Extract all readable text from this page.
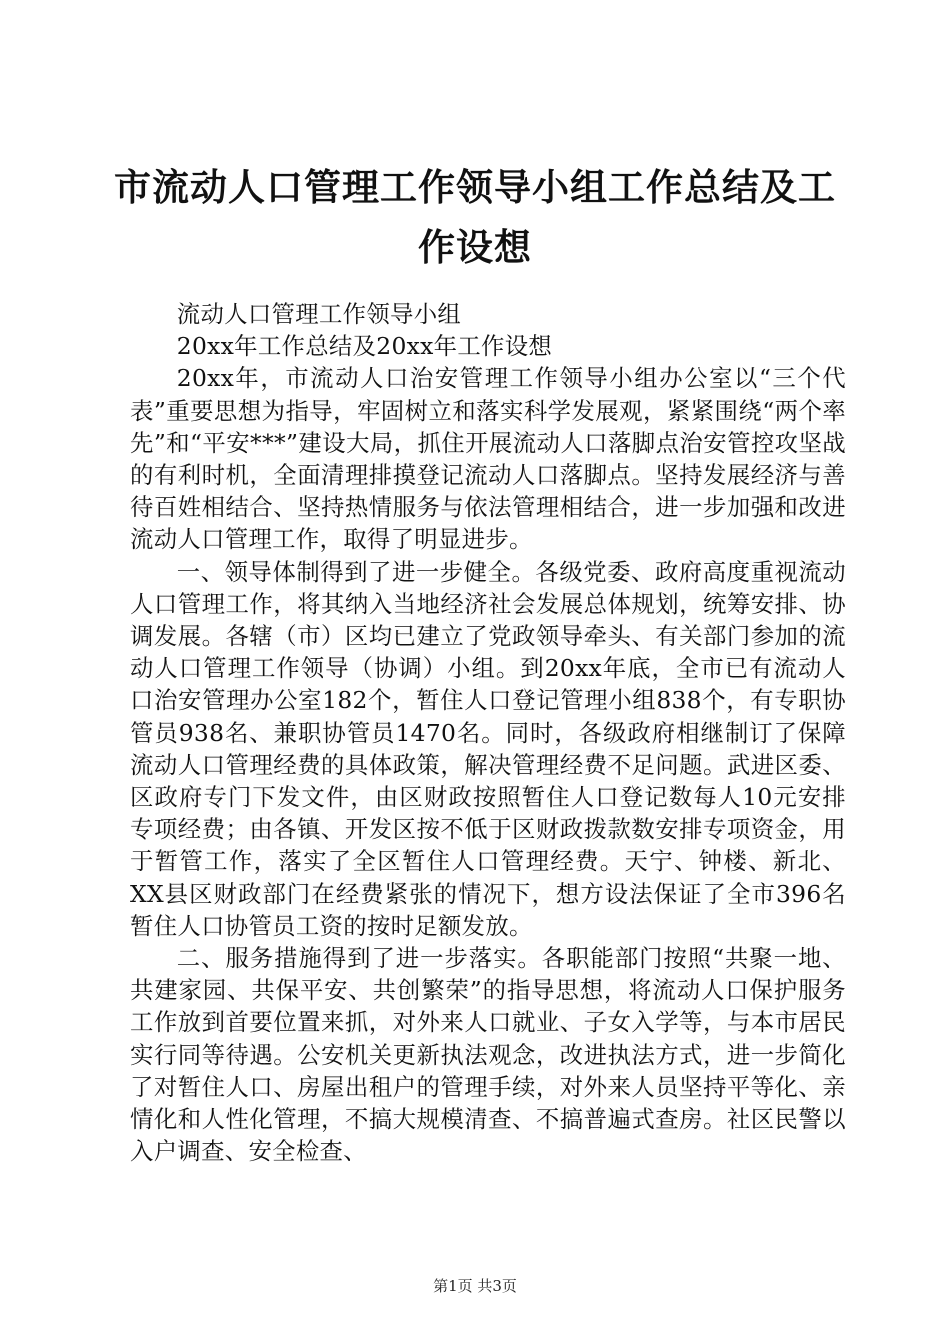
市流动人口管理工作领导小组工作总结及工作设想

流动人口管理工作领导小组

20xx年工作总结及20xx年工作设想

20xx年，市流动人口治安管理工作领导小组办公室以“三个代表”重要思想为指导，牢固树立和落实科学发展观，紧紧围绕“两个率先”和“平安***”建设大局，抓住开展流动人口落脚点治安管控攻坚战的有利时机，全面清理排摸登记流动人口落脚点。坚持发展经济与善待百姓相结合、坚持热情服务与依法管理相结合，进一步加强和改进流动人口管理工作，取得了明显进步。

一、领导体制得到了进一步健全。各级党委、政府高度重视流动人口管理工作，将其纳入当地经济社会发展总体规划，统筹安排、协调发展。各辖（市）区均已建立了党政领导牵头、有关部门参加的流动人口管理工作领导（协调）小组。到20xx年底，全市已有流动人口治安管理办公室182个，暂住人口登记管理小组838个，有专职协管员938名、兼职协管员1470名。同时，各级政府相继制订了保障流动人口管理经费的具体政策，解决管理经费不足问题。武进区委、区政府专门下发文件，由区财政按照暂住人口登记数每人10元安排专项经费；由各镇、开发区按不低于区财政拨款数安排专项资金，用于暂管工作，落实了全区暂住人口管理经费。天宁、钟楼、新北、XX县区财政部门在经费紧张的情况下，想方设法保证了全市396名暂住人口协管员工资的按时足额发放。

二、服务措施得到了进一步落实。各职能部门按照“共聚一地、共建家园、共保平安、共创繁荣”的指导思想，将流动人口保护服务工作放到首要位置来抓，对外来人口就业、子女入学等，与本市居民实行同等待遇。公安机关更新执法观念，改进执法方式，进一步简化了对暂住人口、房屋出租户的管理手续，对外来人员坚持平等化、亲情化和人性化管理，不搞大规模清查、不搞普遍式查房。社区民警以入户调查、安全检查、

第1页 共3页
